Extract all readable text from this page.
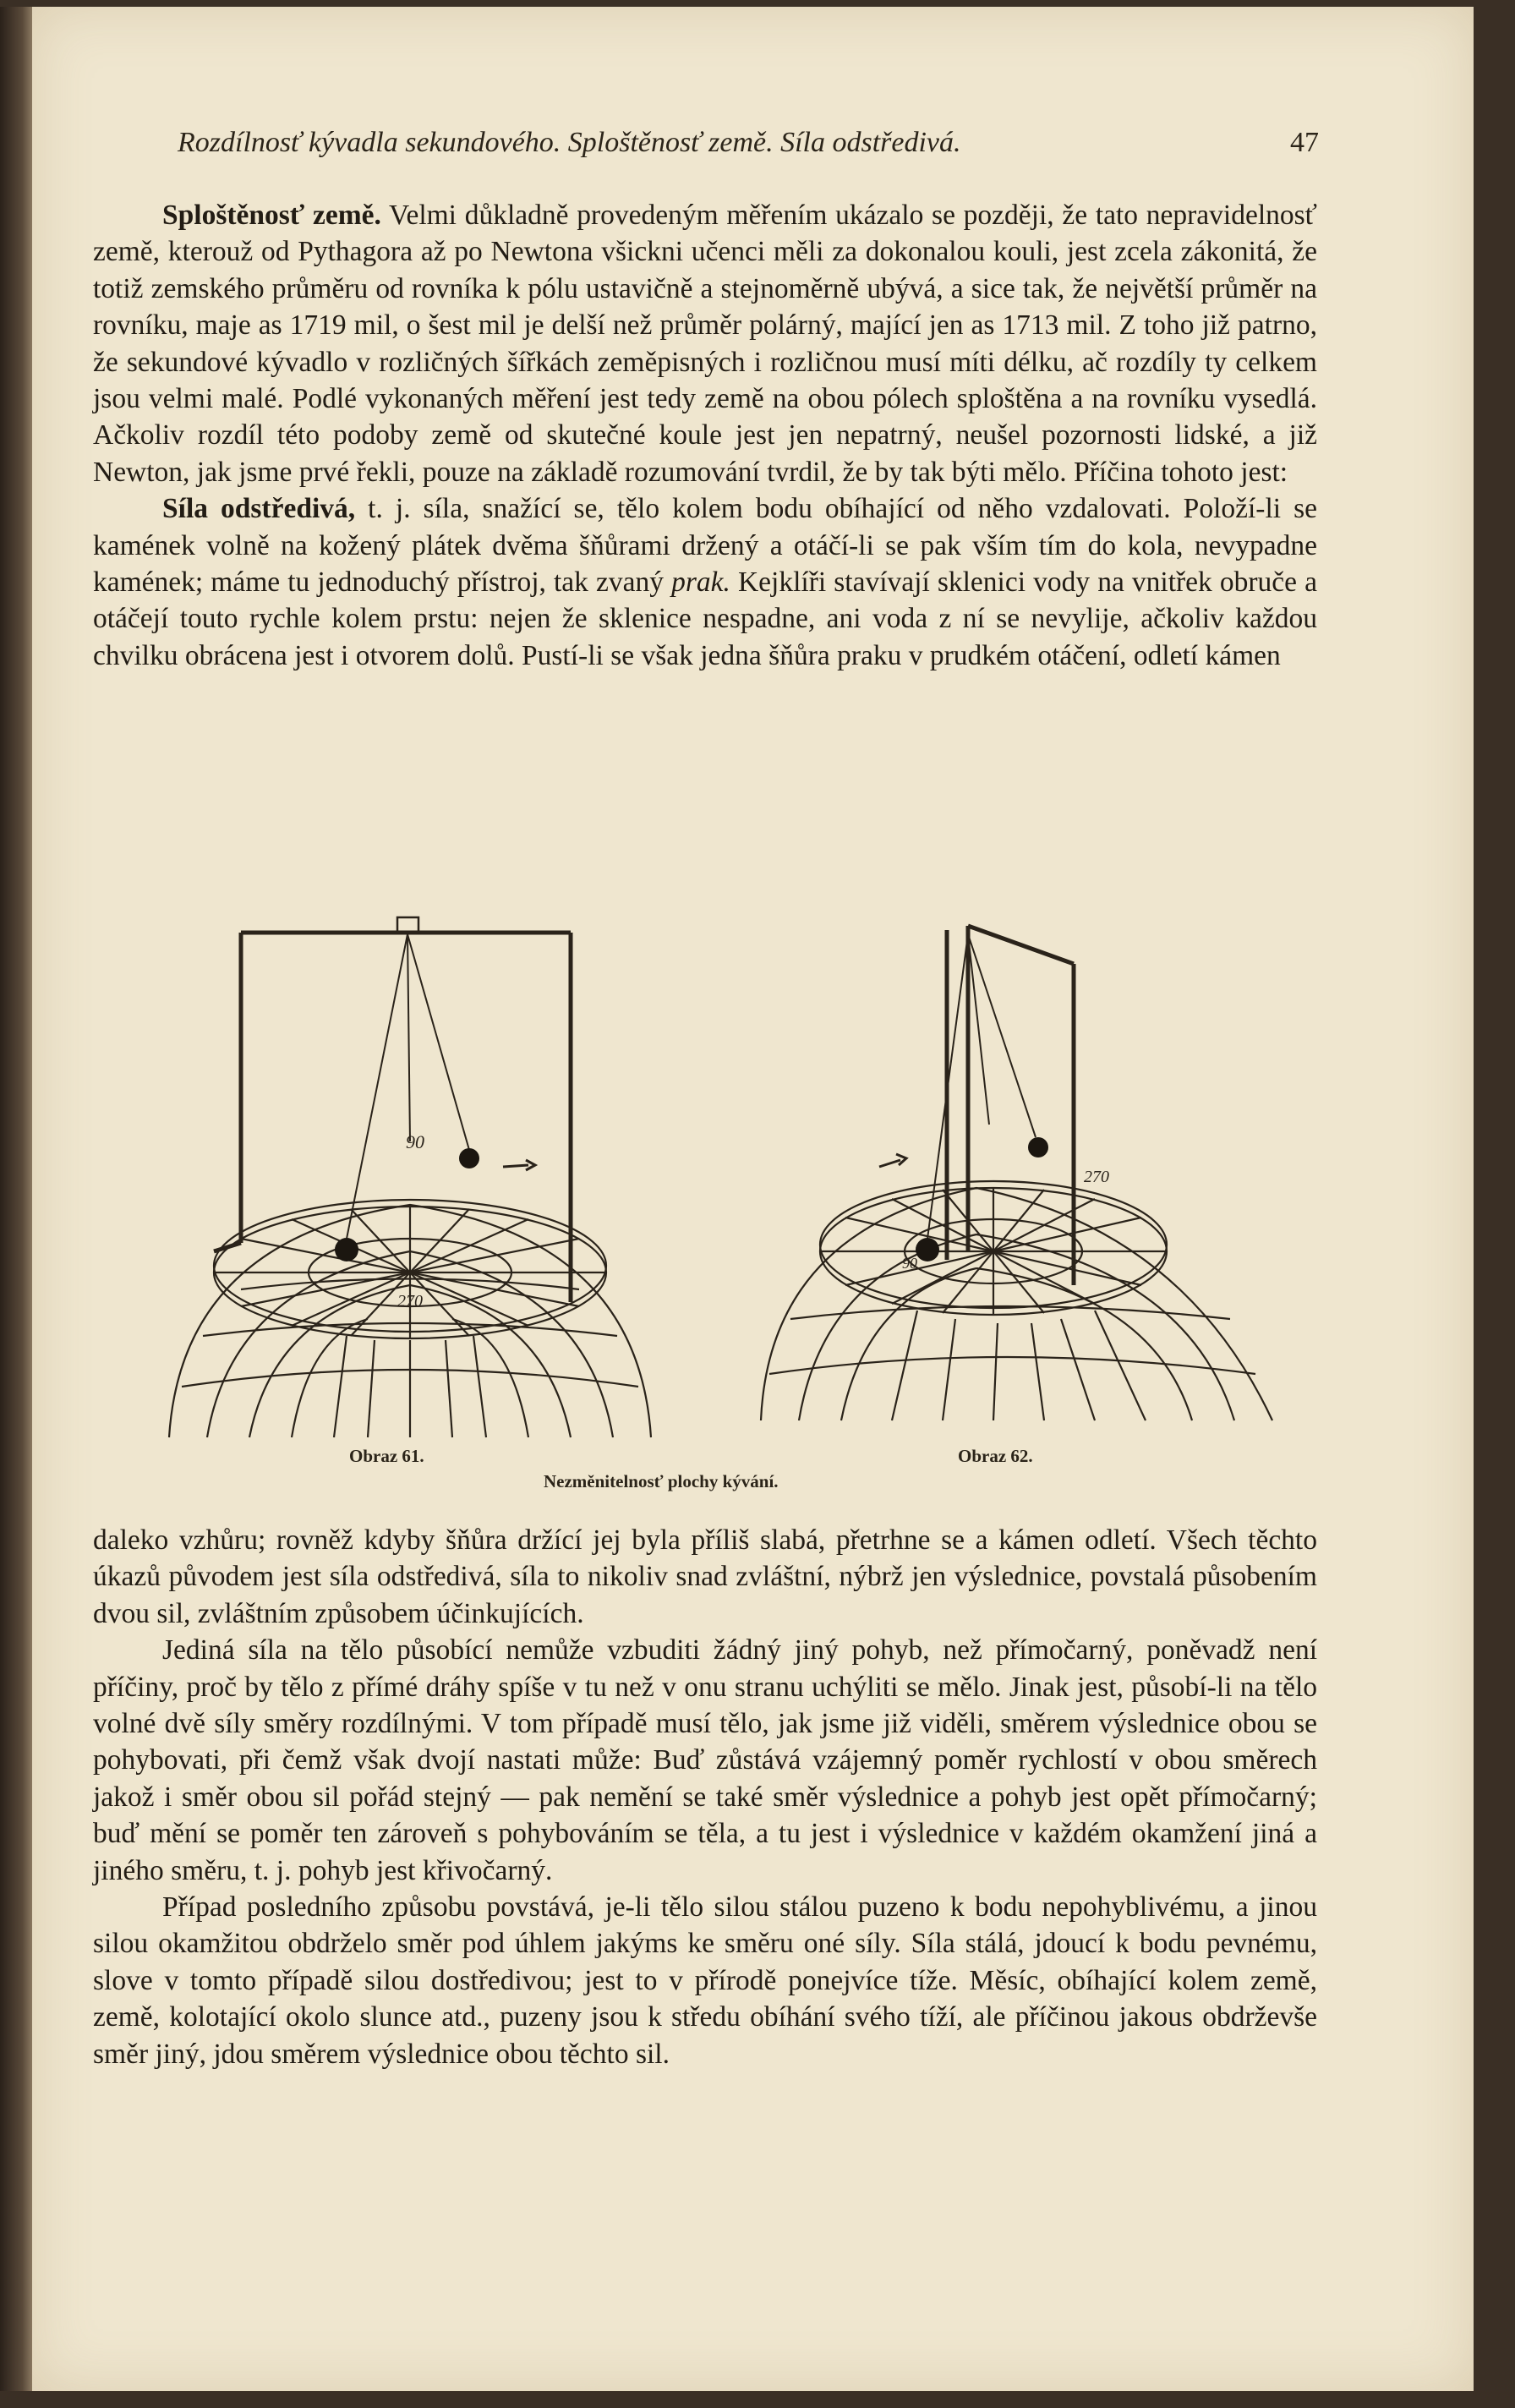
Rozdílnosť kývadla sekundového. Sploštěnosť země. Síla odstředivá.	47

Sploštěnosť země. Velmi důkladně provedeným měřením ukázalo se později, že tato nepravidelnosť země, kterouž od Pythagora až po Newtona všickni učenci měli za dokonalou kouli, jest zcela zákonitá, že totiž zemského průměru od rovníka k pólu ustavičně a stejnoměrně ubývá, a sice tak, že největší průměr na rovníku, maje as 1719 mil, o šest mil je delší než průměr polárný, mající jen as 1713 mil. Z toho již patrno, že sekundové kývadlo v rozličných šířkách zeměpisných i rozličnou musí míti délku, ač rozdíly ty celkem jsou velmi malé. Podlé vykonaných měření jest tedy země na obou pólech sploštěna a na rovníku vysedlá. Ačkoliv rozdíl této podoby země od skutečné koule jest jen nepatrný, neušel pozornosti lidské, a již Newton, jak jsme prvé řekli, pouze na základě rozumování tvrdil, že by tak býti mělo. Příčina tohoto jest:

Síla odstředivá, t. j. síla, snažící se, tělo kolem bodu obíhající od něho vzdalovati. Položí-li se kamének volně na kožený plátek dvěma šňůrami držený a otáčí-li se pak vším tím do kola, nevypadne kamének; máme tu jednoduchý přístroj, tak zvaný prak. Kejklíři stavívají sklenici vody na vnitřek obruče a otáčejí touto rychle kolem prstu: nejen že sklenice nespadne, ani voda z ní se nevylije, ačkoliv každou chvilku obrácena jest i otvorem dolů. Pustí-li se však jedna šňůra praku v prudkém otáčení, odletí kámen

90
270
270
90
Obraz 61.	Obraz 62.
Nezměnitelnosť plochy kývání.

daleko vzhůru; rovněž kdyby šňůra držící jej byla příliš slabá, přetrhne se a kámen odletí. Všech těchto úkazů původem jest síla odstředivá, síla to nikoliv snad zvláštní, nýbrž jen výslednice, povstalá působením dvou sil, zvláštním způsobem účinkujících.

Jediná síla na tělo působící nemůže vzbuditi žádný jiný pohyb, než přímočarný, poněvadž není příčiny, proč by tělo z přímé dráhy spíše v tu než v onu stranu uchýliti se mělo. Jinak jest, působí-li na tělo volné dvě síly směry rozdílnými. V tom případě musí tělo, jak jsme již viděli, směrem výslednice obou se pohybovati, při čemž však dvojí nastati může: Buď zůstává vzájemný poměr rychlostí v obou směrech jakož i směr obou sil pořád stejný — pak nemění se také směr výslednice a pohyb jest opět přímočarný; buď mění se poměr ten zároveň s pohybováním se těla, a tu jest i výslednice v každém okamžení jiná a jiného směru, t. j. pohyb jest křivočarný.

Případ posledního způsobu povstává, je-li tělo silou stálou puzeno k bodu nepohyblivému, a jinou silou okamžitou obdrželo směr pod úhlem jakýms ke směru oné síly. Síla stálá, jdoucí k bodu pevnému, slove v tomto případě silou dostředivou; jest to v přírodě ponejvíce tíže. Měsíc, obíhající kolem země, země, kolotající okolo slunce atd., puzeny jsou k středu obíhání svého tíží, ale příčinou jakous obdrževše směr jiný, jdou směrem výslednice obou těchto sil.
